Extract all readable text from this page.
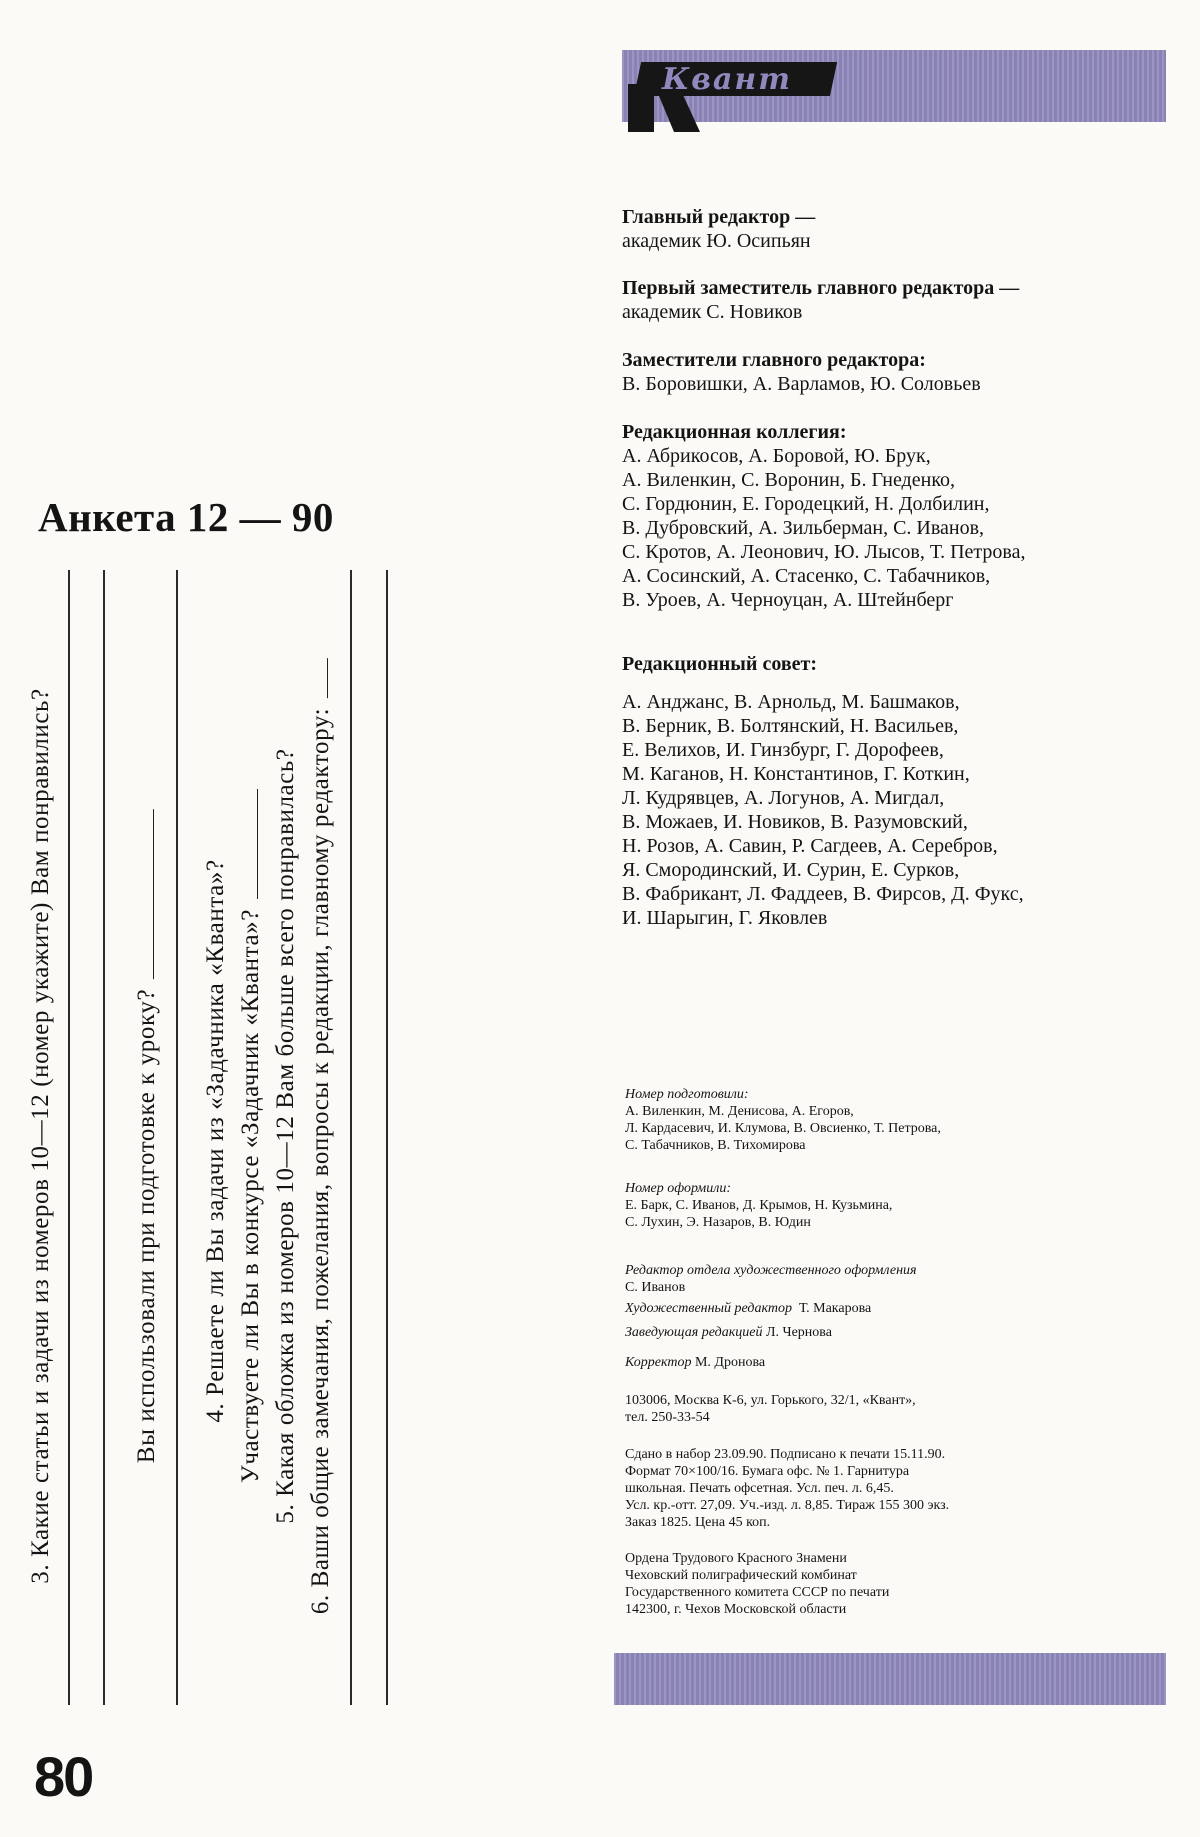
Анкета 12 — 90
3. Какие статьи и задачи из номеров 10—12 (номер укажите) Вам понравились?	Вы использовали при подготовке к уроку? 4. Решаете ли Вы задачи из «Задачника «Кванта»? Участвуете ли Вы в конкурсе «Задачник «Кванта»? 5. Какая обложка из номеров 10—12 Вам больше всего понравилась? 6. Ваши общие замечания, пожелания, вопросы к редакции, главному редактору:
80
Квант
Главный редактор —
академик Ю. Осипьян
Первый заместитель главного редактора —
академик С. Новиков
Заместители главного редактора:
В. Боровишки, А. Варламов, Ю. Соловьев
Редакционная коллегия:
А. Абрикосов, А. Боровой, Ю. Брук,
А. Виленкин, С. Воронин, Б. Гнеденко,
С. Гордюнин, Е. Городецкий, Н. Долбилин,
В. Дубровский, А. Зильберман, С. Иванов,
С. Кротов, А. Леонович, Ю. Лысов, Т. Петрова,
А. Сосинский, А. Стасенко, С. Табачников,
В. Уроев, А. Черноуцан, А. Штейнберг
Редакционный совет:
А. Анджанс, В. Арнольд, М. Башмаков,
В. Берник, В. Болтянский, Н. Васильев,
Е. Велихов, И. Гинзбург, Г. Дорофеев,
М. Каганов, Н. Константинов, Г. Коткин,
Л. Кудрявцев, А. Логунов, А. Мигдал,
В. Можаев, И. Новиков, В. Разумовский,
Н. Розов, А. Савин, Р. Сагдеев, А. Серебров,
Я. Смородинский, И. Сурин, Е. Сурков,
В. Фабрикант, Л. Фаддеев, В. Фирсов, Д. Фукс,
И. Шарыгин, Г. Яковлев
Номер подготовили:
А. Виленкин, М. Денисова, А. Егоров,
Л. Кардасевич, И. Клумова, В. Овсиенко, Т. Петрова,
С. Табачников, В. Тихомирова
Номер оформили:
Е. Барк, С. Иванов, Д. Крымов, Н. Кузьмина,
С. Лухин, Э. Назаров, В. Юдин
Редактор отдела художественного оформления
С. Иванов
Художественный редактор Т. Макарова
Заведующая редакцией Л. Чернова
Корректор М. Дронова
103006, Москва К-6, ул. Горького, 32/1, «Квант»,
тел. 250-33-54
Сдано в набор 23.09.90. Подписано к печати 15.11.90.
Формат 70×100/16. Бумага офс. № 1. Гарнитура
школьная. Печать офсетная. Усл. печ. л. 6,45.
Усл. кр.-отт. 27,09. Уч.-изд. л. 8,85. Тираж 155 300 экз.
Заказ 1825. Цена 45 коп.
Ордена Трудового Красного Знамени
Чеховский полиграфический комбинат
Государственного комитета СССР по печати
142300, г. Чехов Московской области
